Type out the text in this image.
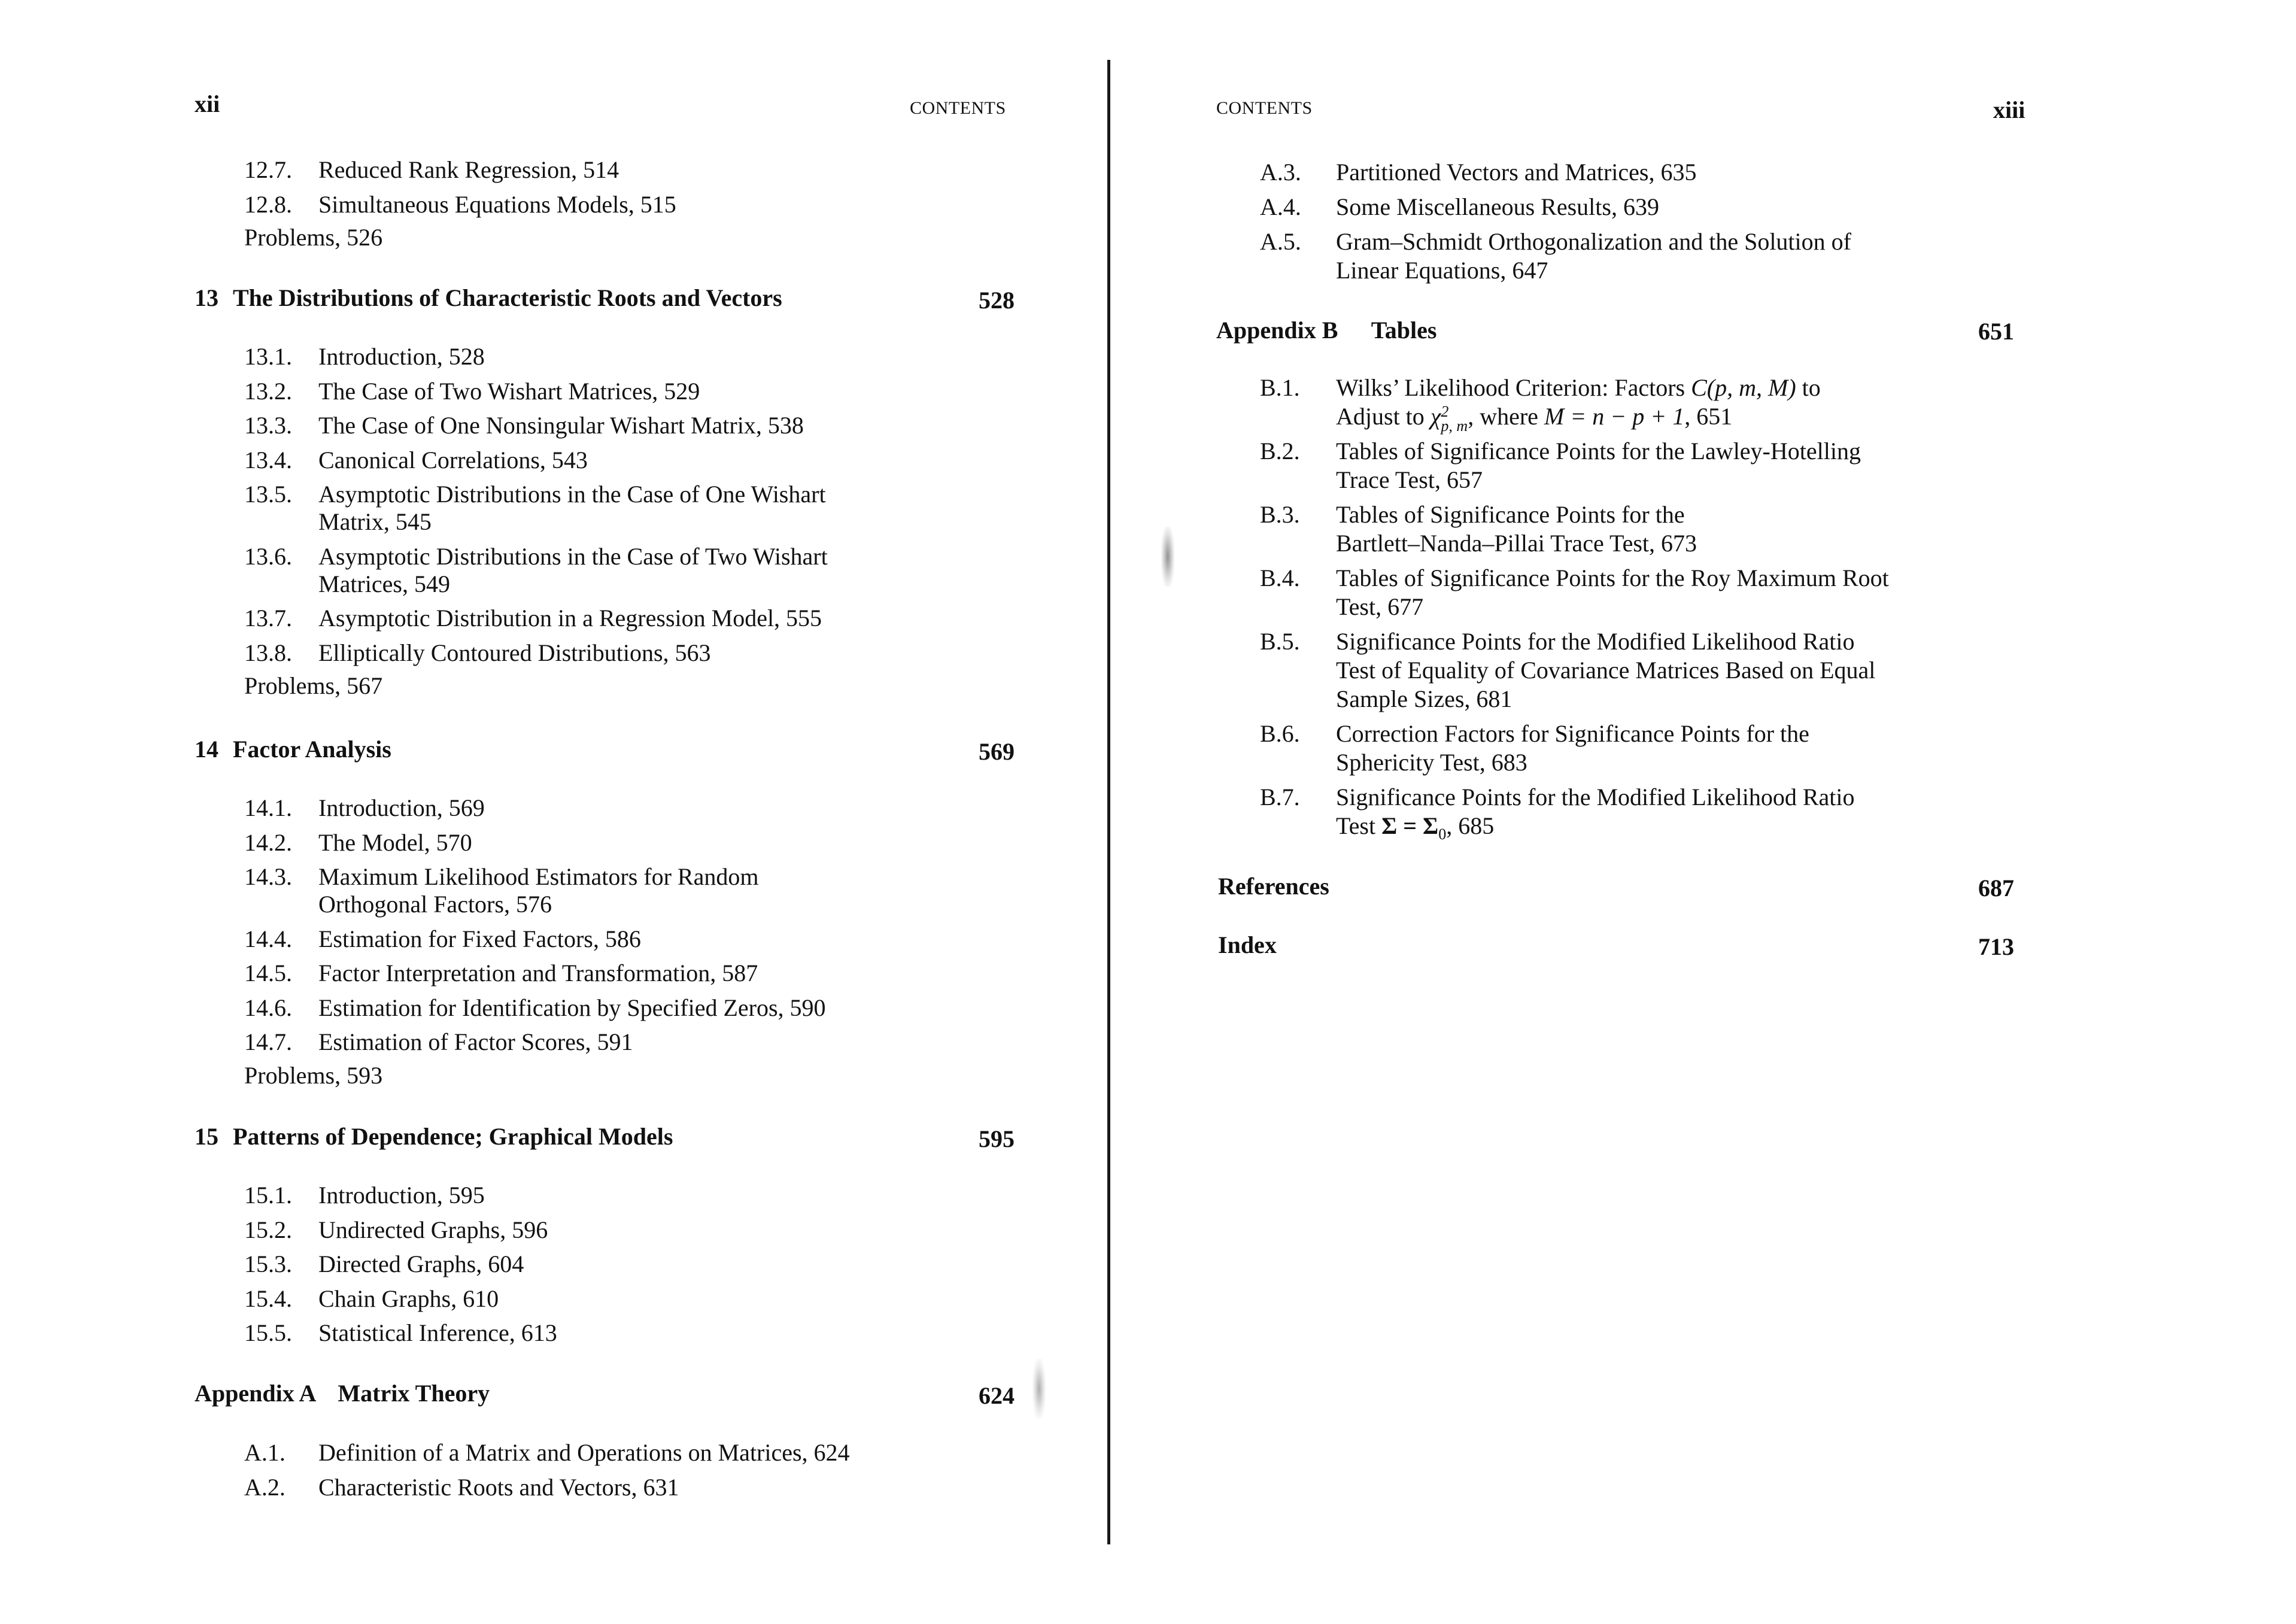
xii	CONTENTS
12.7. Reduced Rank Regression, 514
12.8. Simultaneous Equations Models, 515
Problems, 526
13 The Distributions of Characteristic Roots and Vectors	528
13.1. Introduction, 528
13.2. The Case of Two Wishart Matrices, 529
13.3. The Case of One Nonsingular Wishart Matrix, 538
13.4. Canonical Correlations, 543
13.5. Asymptotic Distributions in the Case of One Wishart
Matrix, 545
13.6. Asymptotic Distributions in the Case of Two Wishart
Matrices, 549
13.7. Asymptotic Distribution in a Regression Model, 555
13.8. Elliptically Contoured Distributions, 563
Problems, 567
14 Factor Analysis	569
14.1. Introduction, 569
14.2. The Model, 570
14.3. Maximum Likelihood Estimators for Random
Orthogonal Factors, 576
14.4. Estimation for Fixed Factors, 586
14.5. Factor Interpretation and Transformation, 587
14.6. Estimation for Identification by Specified Zeros, 590
14.7. Estimation of Factor Scores, 591
Problems, 593
15 Patterns of Dependence; Graphical Models	595
15.1. Introduction, 595
15.2. Undirected Graphs, 596
15.3. Directed Graphs, 604
15.4. Chain Graphs, 610
15.5. Statistical Inference, 613
Appendix A Matrix Theory	624
A.1. Definition of a Matrix and Operations on Matrices, 624
A.2. Characteristic Roots and Vectors, 631
CONTENTS	xiii
A.3. Partitioned Vectors and Matrices, 635
A.4. Some Miscellaneous Results, 639
A.5. Gram–Schmidt Orthogonalization and the Solution of
Linear Equations, 647
Appendix B Tables	651
B.1. Wilks’ Likelihood Criterion: Factors C(p, m, M) to
Adjust to χ 2
p, m , where M = n − p + 1, 651
B.2. Tables of Significance Points for the Lawley-Hotelling
Trace Test, 657
B.3. Tables of Significance Points for the
Bartlett–Nanda–Pillai Trace Test, 673
B.4. Tables of Significance Points for the Roy Maximum Root
Test, 677
B.5. Significance Points for the Modified Likelihood Ratio
Test of Equality of Covariance Matrices Based on Equal
Sample Sizes, 681
B.6. Correction Factors for Significance Points for the
Sphericity Test, 683
B.7. Significance Points for the Modified Likelihood Ratio
Test $\Sigma = \Sigma_0$, 685
References	687
Index	713
